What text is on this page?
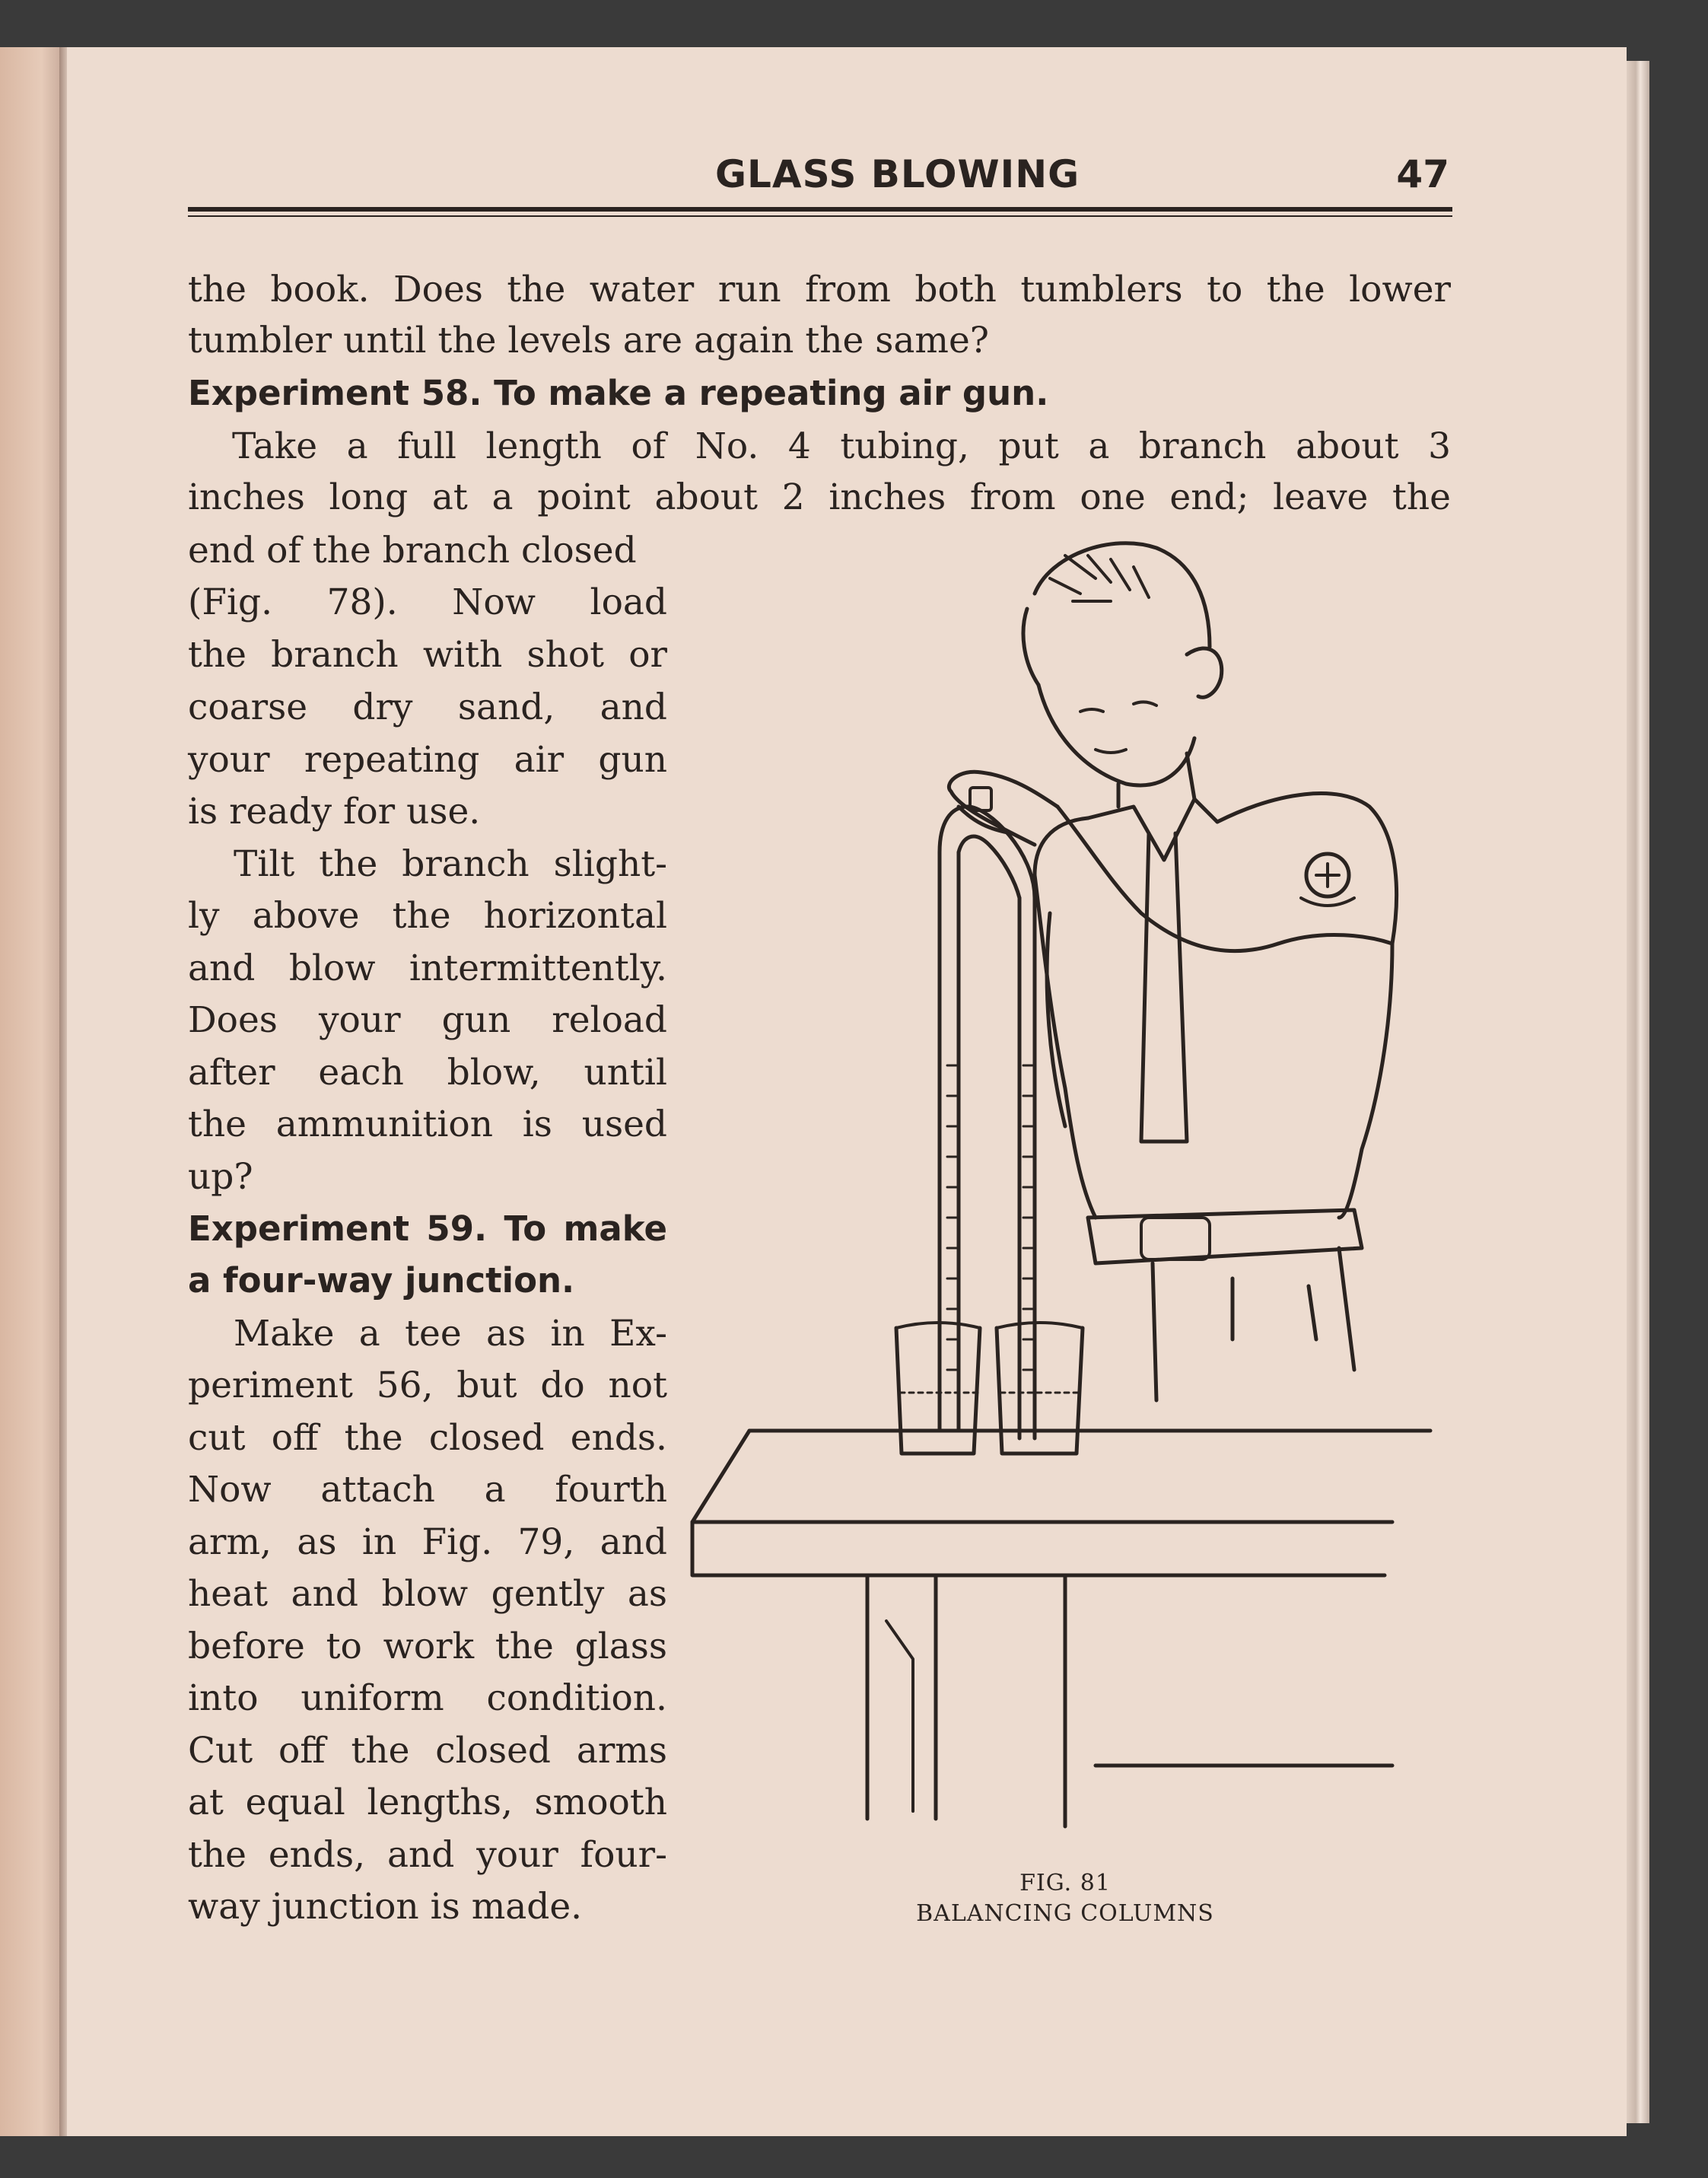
GLASS BLOWING	47

the book. Does the water run from both tumblers to the lower

tumbler until the levels are again the same?

Experiment 58. To make a repeating air gun.

Take a full length of No. 4 tubing, put a branch about 3

inches long at a point about 2 inches from one end; leave the

end of the branch closed

(Fig. 78). Now load

the branch with shot or

coarse dry sand, and

your repeating air gun

is ready for use.

Tilt the branch slight-

ly above the horizontal

and blow intermittently.

Does your gun reload

after each blow, until

the ammunition is used

up?

Experiment 59. To make

a four-way junction.

Make a tee as in Ex-

periment 56, but do not

cut off the closed ends.

Now attach a fourth

arm, as in Fig. 79, and

heat and blow gently as

before to work the glass

into uniform condition.

Cut off the closed arms

at equal lengths, smooth

the ends, and your four-

way junction is made.

FIG. 81
BALANCING COLUMNS
